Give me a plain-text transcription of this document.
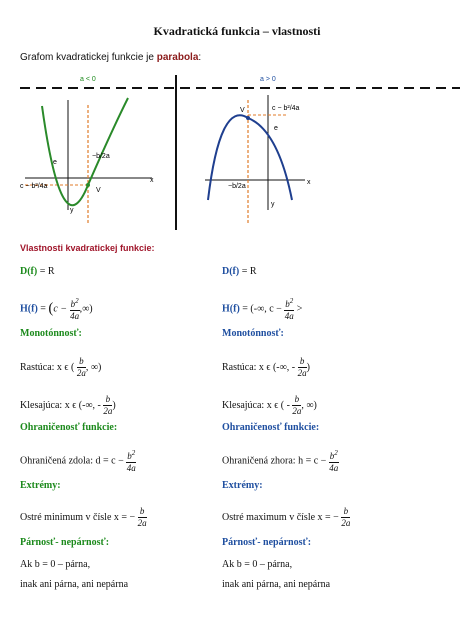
Kvadratická funkcia – vlastnosti
Grafom kvadratickej funkcie je parabola:
a < 0
V
e
−b/2a
c − b²/4a
x
y
a > 0
V
e
−b/2a
c − b²/4a
x
y
Vlastnosti kvadratickej funkcie:
D(f) = R
$H(f) = (c - \frac{b^2}{4a}$ ,∞)
Monotónnosť:
Rastúca: x ϵ ( $\frac{b}{2a}$ , ∞)
Klesajúca: x ϵ (-∞, - $\frac{b}{2a}$ )
Ohraničenosť funkcie:
Ohraničená zdola: $d = c - \frac{b^2}{4a}$
Extrémy:
Ostré minimum v čísle x = − $\frac{b}{2a}$
Párnosť- nepárnosť:
Ak b = 0 – párna,
inak ani párna, ani nepárna
D(f) = R
H(f) = (-∞, $c - \frac{b^2}{4a}$ >
Monotónnosť:
Rastúca: x ϵ (-∞, - $\frac{b}{2a}$ )
Klesajúca: x ϵ ( - $\frac{b}{2a}$ , ∞)
Ohraničenosť funkcie:
Ohraničená zhora: $h = c - \frac{b^2}{4a}$
Extrémy:
Ostré maximum v čísle x = − $\frac{b}{2a}$
Párnosť- nepárnosť:
Ak b = 0 – párna,
inak ani párna, ani nepárna
